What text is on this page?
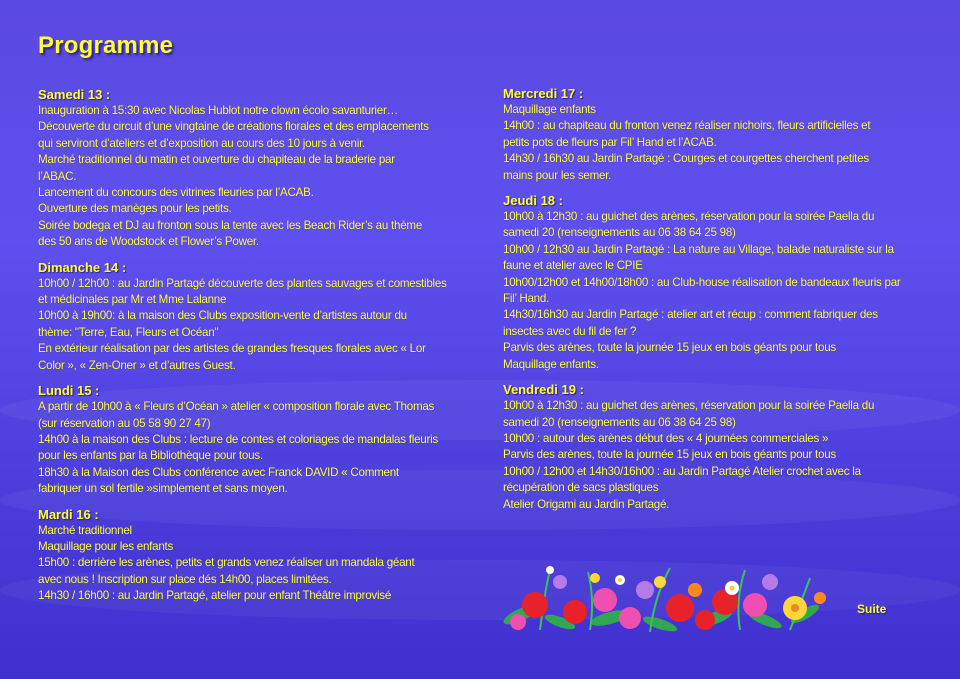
Programme
Samedi 13 :
Inauguration à 15:30 avec Nicolas Hublot notre clown écolo savanturier…
Découverte du circuit d’une vingtaine de créations florales et des emplacements
qui serviront d’ateliers et d’exposition au cours des 10 jours à venir.
Marché traditionnel du matin et ouverture du chapiteau de la braderie par
l’ABAC.
Lancement du concours des vitrines fleuries par l’ACAB.
Ouverture des manèges pour les petits.
Soirée bodega et DJ au fronton sous la tente avec les Beach Rider’s au thème
des 50 ans de Woodstock et Flower’s Power.
Dimanche 14 :
10h00 / 12h00 : au Jardin Partagé découverte des plantes sauvages et comestibles
et médicinales par Mr et Mme Lalanne
10h00 à 19h00: à la maison des Clubs exposition-vente d’artistes autour du
thème: "Terre, Eau, Fleurs et Océan"
En extérieur réalisation par des artistes de grandes fresques florales avec « Lor
Color », « Zen-Oner » et d’autres Guest.
Lundi 15 :
A partir de 10h00 à « Fleurs d’Océan » atelier « composition florale avec Thomas
(sur réservation au 05 58 90 27 47)
14h00 à la maison des Clubs : lecture de contes et coloriages de mandalas fleuris
pour les enfants par la Bibliothèque pour tous.
18h30 à la Maison des Clubs conférence avec Franck DAVID « Comment
fabriquer un sol fertile »simplement et sans moyen.
Mardi 16 :
Marché traditionnel
Maquillage pour les enfants
15h00 : derrière les arènes, petits et grands venez réaliser un mandala géant
avec nous ! Inscription sur place dés 14h00, places limitées.
14h30 / 16h00 : au Jardin Partagé, atelier pour enfant Théâtre improvisé
Mercredi 17 :
Maquillage enfants
14h00 : au chapiteau du fronton venez réaliser nichoirs, fleurs artificielles et
petits pots de fleurs par Fil’ Hand et l’ACAB.
14h30 / 16h30 au Jardin Partagé : Courges et courgettes cherchent petites
mains pour les semer.
Jeudi 18 :
10h00 à 12h30 : au guichet des arènes, réservation pour la soirée Paella du
samedi 20 (renseignements au 06 38 64 25 98)
10h00 / 12h30 au Jardin Partagé : La nature au Village, balade naturaliste sur la
faune et atelier avec le CPIE
10h00/12h00 et 14h00/18h00 : au Club-house réalisation de bandeaux fleuris par
Fil’ Hand.
14h30/16h30 au Jardin Partagé : atelier art et récup : comment fabriquer des
insectes avec du fil de fer ?
Parvis des arènes, toute la journée 15 jeux en bois géants pour tous
Maquillage enfants.
Vendredi 19 :
10h00 à 12h30 : au guichet des arènes, réservation pour la soirée Paella du
samedi 20 (renseignements au 06 38 64 25 98)
10h00 : autour des arènes début des « 4 journées commerciales »
Parvis des arènes, toute la journée 15 jeux en bois géants pour tous
10h00 / 12h00 et 14h30/16h00 : au Jardin Partagé Atelier crochet avec la
récupération de sacs plastiques
Atelier Origami au Jardin Partagé.
Suite
